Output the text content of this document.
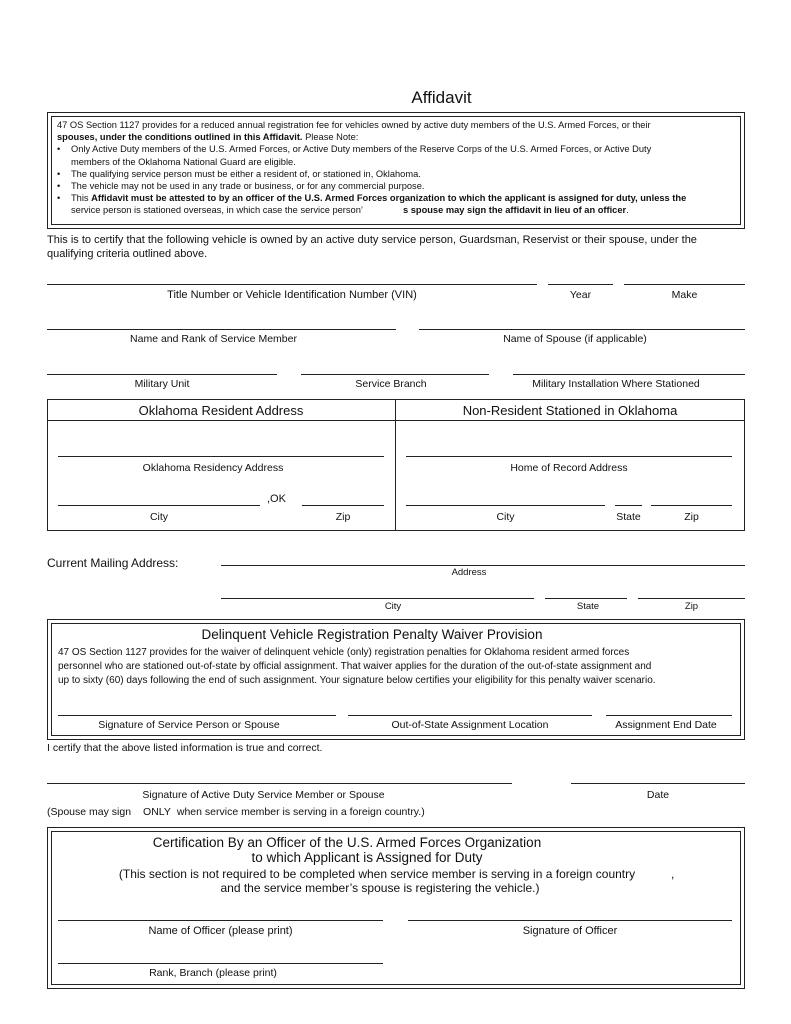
Affidavit

47 OS Section 1127 provides for a reduced annual registration fee for vehicles owned by active duty members of the U.S. Armed Forces, or their

spouses, under the conditions outlined in this Affidavit. Please Note:

• Only Active Duty members of the U.S. Armed Forces, or Active Duty members of the Reserve Corps of the U.S. Armed Forces, or Active Duty

members of the Oklahoma National Guard are eligible.

• The qualifying service person must be either a resident of, or stationed in, Oklahoma.

• The vehicle may not be used in any trade or business, or for any commercial purpose.

• This Affidavit must be attested to by an officer of the U.S. Armed Forces organization to which the applicant is assigned for duty, unless the

service person is stationed overseas, in which case the service person’	s spouse may sign the affidavit in lieu of an officer.

This is to certify that the following vehicle is owned by an active duty service person, Guardsman, Reservist or their spouse, under the
qualifying criteria outlined above.
Title Number or Vehicle Identification Number (VIN)	Year	Make
Name and Rank of Service Member	Name of Spouse (if applicable)
Military Unit	Service Branch	Military Installation Where Stationed
Oklahoma Resident Address	Non-Resident Stationed in Oklahoma
Oklahoma Residency Address
,OK
City	Zip
Home of Record Address
City	State	Zip
Current Mailing Address:
Address
City	State	Zip
Delinquent Vehicle Registration Penalty Waiver Provision
47 OS Section 1127 provides for the waiver of delinquent vehicle (only) registration penalties for Oklahoma resident armed forces
personnel who are stationed out-of-state by official assignment. That waiver applies for the duration of the out-of-state assignment and
up to sixty (60) days following the end of such assignment. Your signature below certifies your eligibility for this penalty waiver scenario.
Signature of Service Person or Spouse	Out-of-State Assignment Location	Assignment End Date
I certify that the above listed information is true and correct.
Signature of Active Duty Service Member or Spouse	Date
(Spouse may sign ONLY when service member is serving in a foreign country.)
Certification By an Officer of the U.S. Armed Forces Organization
to which Applicant is Assigned for Duty
(This section is not required to be completed when service member is serving in a foreign country	,
and the service member’s spouse is registering the vehicle.)
Name of Officer (please print)	Signature of Officer
Rank, Branch (please print)
